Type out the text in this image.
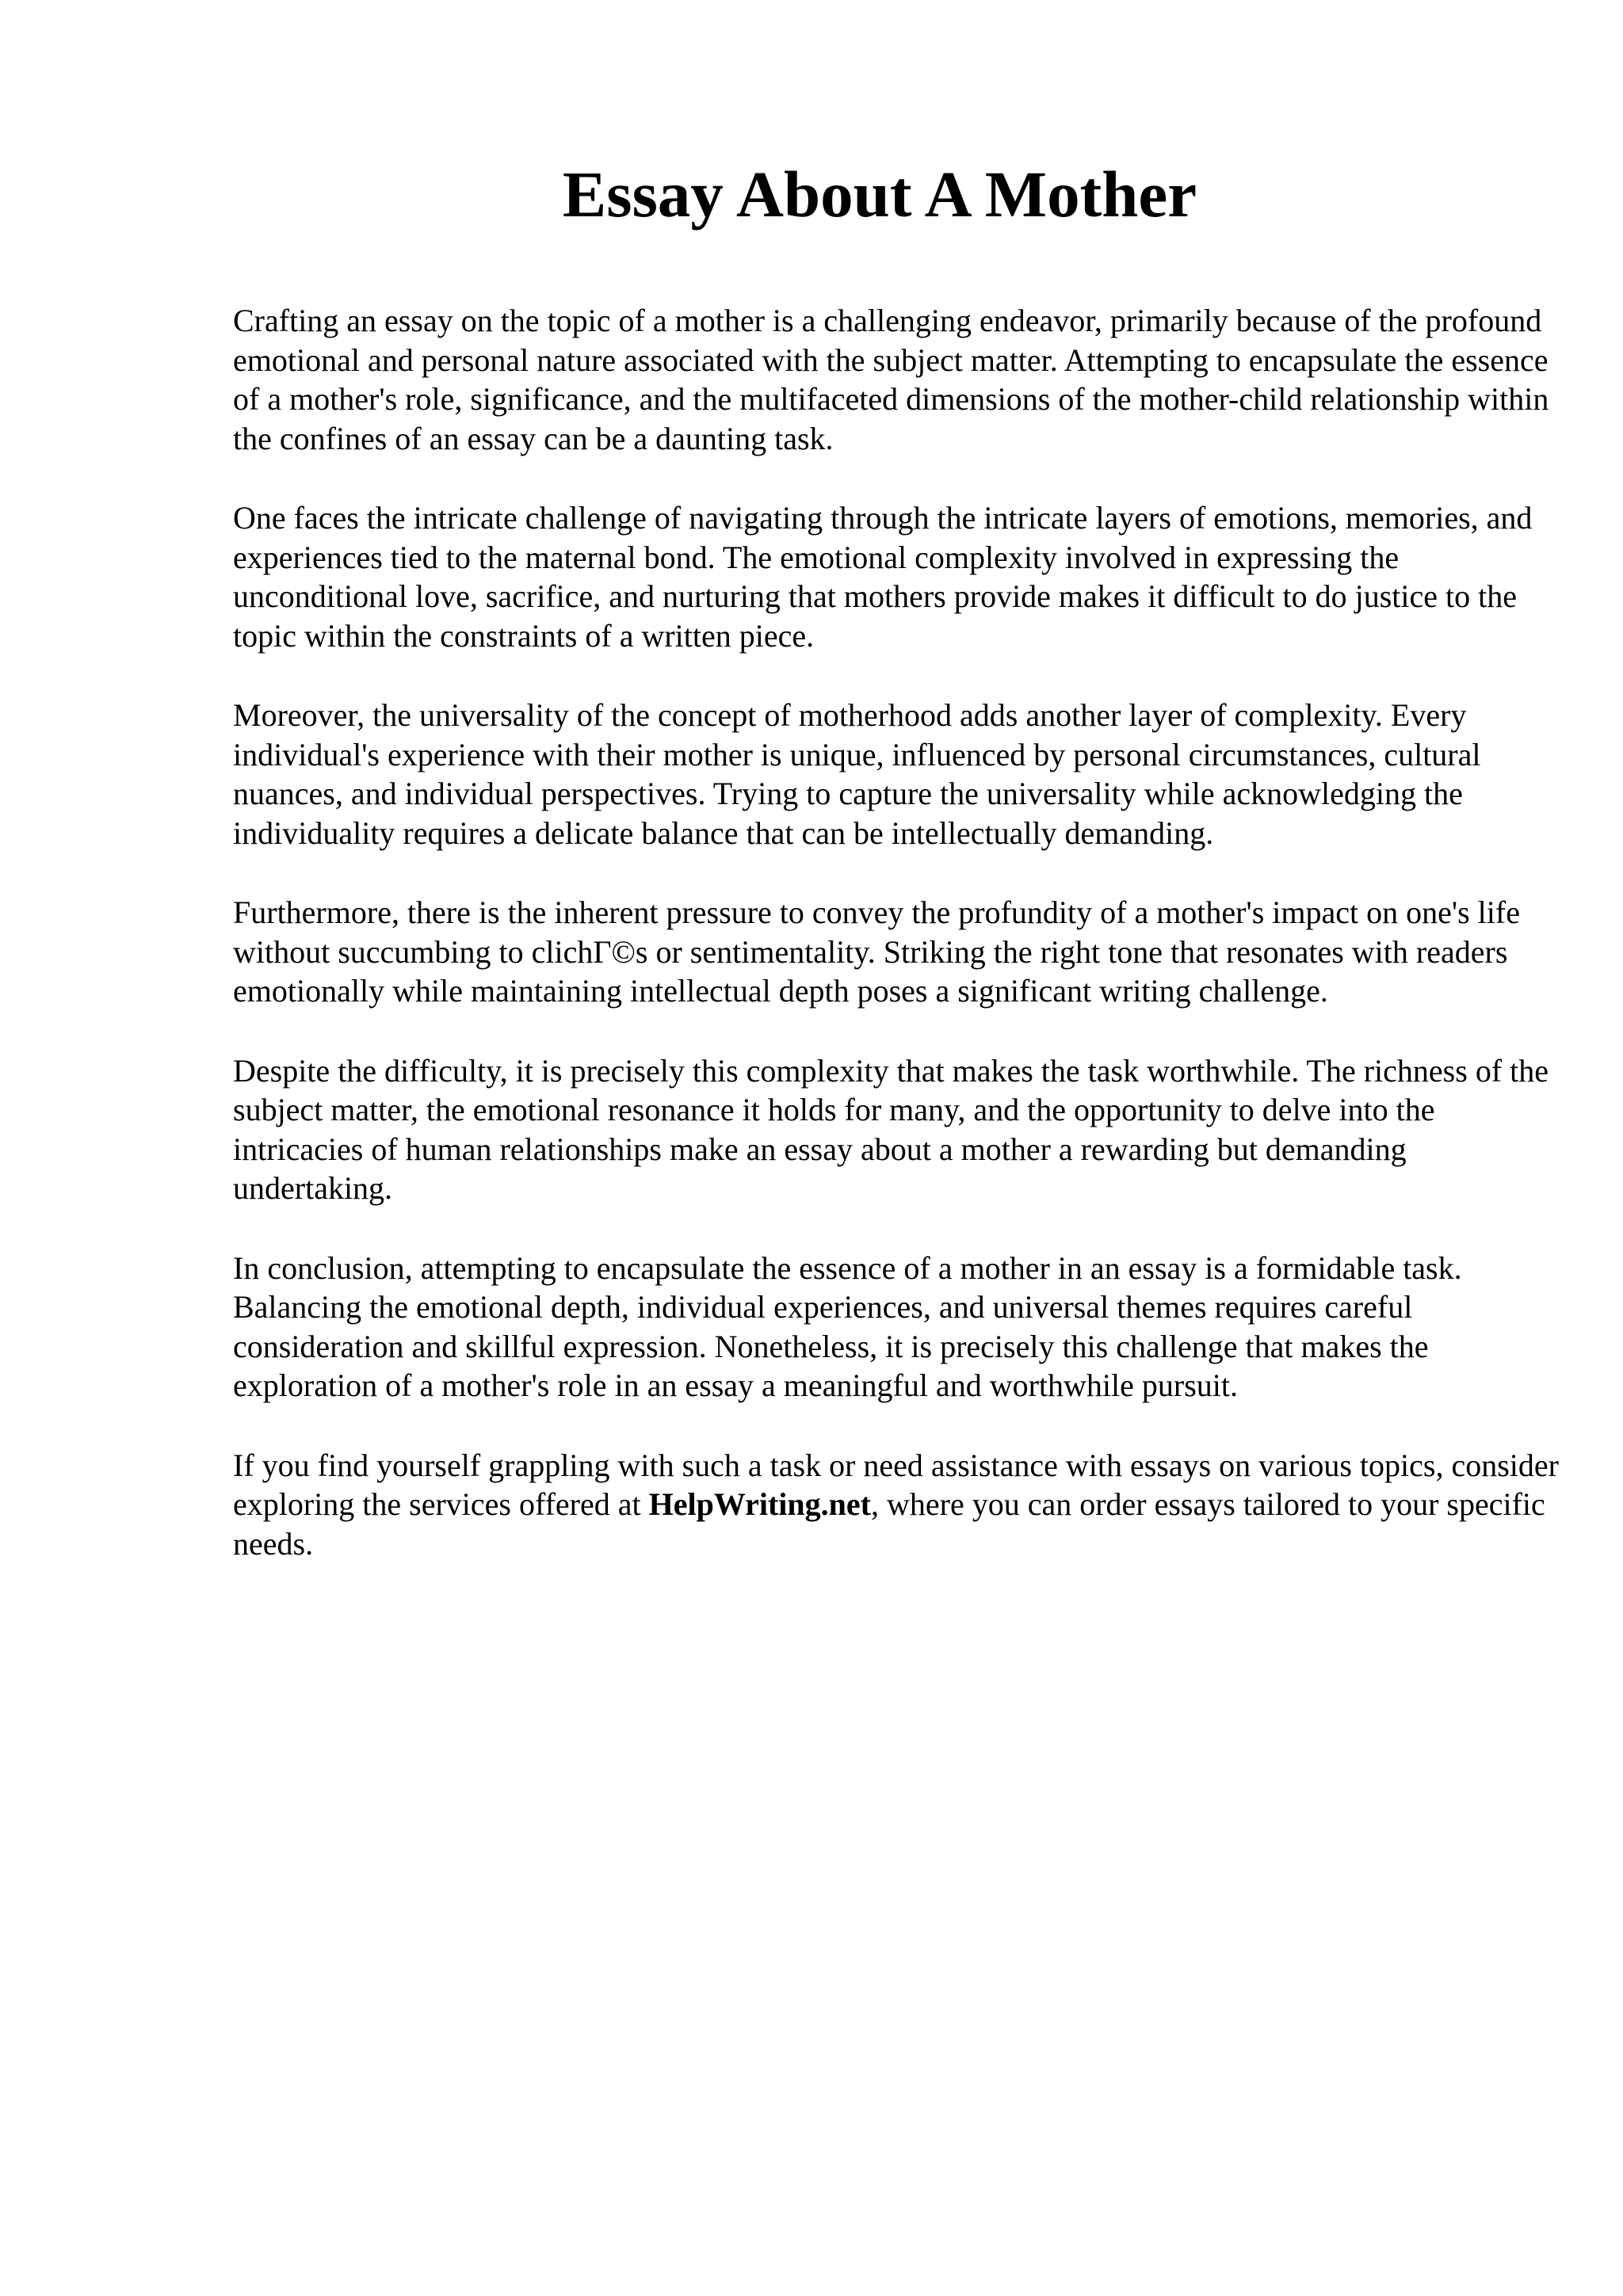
Essay About A Mother

Crafting an essay on the topic of a mother is a challenging endeavor, primarily because of the profound emotional and personal nature associated with the subject matter. Attempting to encapsulate the essence of a mother's role, significance, and the multifaceted dimensions of the mother-child relationship within the confines of an essay can be a daunting task.

One faces the intricate challenge of navigating through the intricate layers of emotions, memories, and experiences tied to the maternal bond. The emotional complexity involved in expressing the unconditional love, sacrifice, and nurturing that mothers provide makes it difficult to do justice to the topic within the constraints of a written piece.

Moreover, the universality of the concept of motherhood adds another layer of complexity. Every individual's experience with their mother is unique, influenced by personal circumstances, cultural nuances, and individual perspectives. Trying to capture the universality while acknowledging the individuality requires a delicate balance that can be intellectually demanding.

Furthermore, there is the inherent pressure to convey the profundity of a mother's impact on one's life without succumbing to clichΓ©s or sentimentality. Striking the right tone that resonates with readers emotionally while maintaining intellectual depth poses a significant writing challenge.

Despite the difficulty, it is precisely this complexity that makes the task worthwhile. The richness of the subject matter, the emotional resonance it holds for many, and the opportunity to delve into the intricacies of human relationships make an essay about a mother a rewarding but demanding undertaking.

In conclusion, attempting to encapsulate the essence of a mother in an essay is a formidable task. Balancing the emotional depth, individual experiences, and universal themes requires careful consideration and skillful expression. Nonetheless, it is precisely this challenge that makes the exploration of a mother's role in an essay a meaningful and worthwhile pursuit.

If you find yourself grappling with such a task or need assistance with essays on various topics, consider exploring the services offered at HelpWriting.net, where you can order essays tailored to your specific needs.
